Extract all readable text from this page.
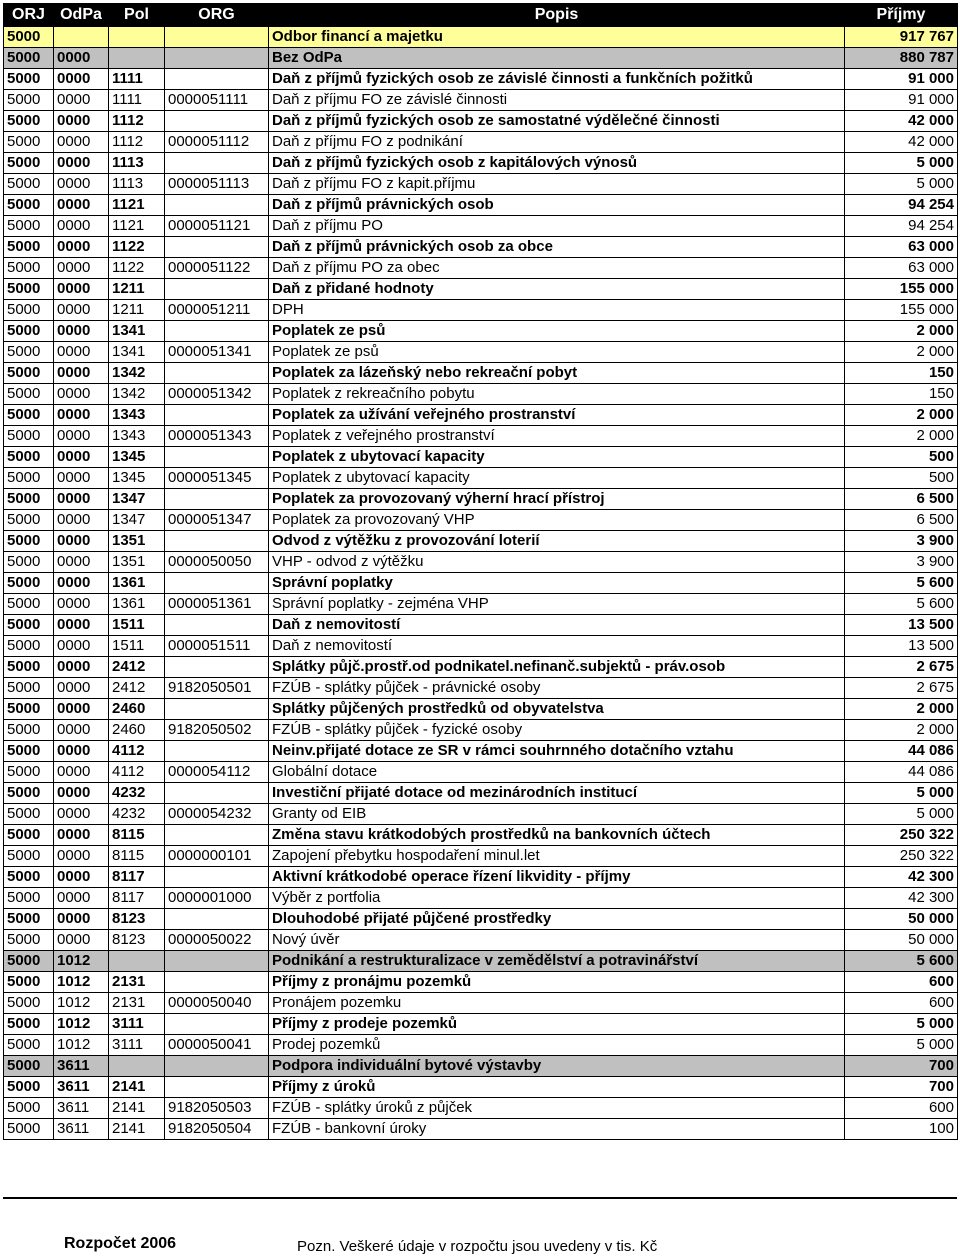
ORJ	OdPa	Pol	ORG	Popis	Příjmy
5000				Odbor financí a majetku	917 767
5000	0000			Bez OdPa	880 787
5000	0000	1111		Daň z příjmů fyzických osob ze závislé činnosti a funkčních požitků	91 000
5000	0000	1111	0000051111	Daň z příjmu FO ze závislé činnosti	91 000
5000	0000	1112		Daň z příjmů fyzických osob ze samostatné výdělečné činnosti	42 000
5000	0000	1112	0000051112	Daň z příjmu FO z podnikání	42 000
5000	0000	1113		Daň z příjmů fyzických osob z kapitálových výnosů	5 000
5000	0000	1113	0000051113	Daň z příjmu FO z kapit.příjmu	5 000
5000	0000	1121		Daň z příjmů právnických osob	94 254
5000	0000	1121	0000051121	Daň z příjmu PO	94 254
5000	0000	1122		Daň z příjmů právnických osob za obce	63 000
5000	0000	1122	0000051122	Daň z příjmu PO za obec	63 000
5000	0000	1211		Daň z přidané hodnoty	155 000
5000	0000	1211	0000051211	DPH	155 000
5000	0000	1341		Poplatek ze psů	2 000
5000	0000	1341	0000051341	Poplatek ze psů	2 000
5000	0000	1342		Poplatek za lázeňský nebo rekreační pobyt	150
5000	0000	1342	0000051342	Poplatek z rekreačního pobytu	150
5000	0000	1343		Poplatek za užívání veřejného prostranství	2 000
5000	0000	1343	0000051343	Poplatek z veřejného prostranství	2 000
5000	0000	1345		Poplatek z ubytovací kapacity	500
5000	0000	1345	0000051345	Poplatek z ubytovací kapacity	500
5000	0000	1347		Poplatek za provozovaný výherní hrací přístroj	6 500
5000	0000	1347	0000051347	Poplatek za provozovaný VHP	6 500
5000	0000	1351		Odvod z výtěžku z provozování loterií	3 900
5000	0000	1351	0000050050	VHP - odvod z výtěžku	3 900
5000	0000	1361		Správní poplatky	5 600
5000	0000	1361	0000051361	Správní poplatky - zejména VHP	5 600
5000	0000	1511		Daň z nemovitostí	13 500
5000	0000	1511	0000051511	Daň z nemovitostí	13 500
5000	0000	2412		Splátky půjč.prostř.od podnikatel.nefinanč.subjektů - práv.osob	2 675
5000	0000	2412	9182050501	FZÚB - splátky půjček - právnické osoby	2 675
5000	0000	2460		Splátky půjčených prostředků od obyvatelstva	2 000
5000	0000	2460	9182050502	FZÚB - splátky půjček - fyzické osoby	2 000
5000	0000	4112		Neinv.přijaté dotace ze SR v rámci souhrnného dotačního vztahu	44 086
5000	0000	4112	0000054112	Globální dotace	44 086
5000	0000	4232		Investiční přijaté dotace od mezinárodních institucí	5 000
5000	0000	4232	0000054232	Granty od EIB	5 000
5000	0000	8115		Změna stavu krátkodobých prostředků na bankovních účtech	250 322
5000	0000	8115	0000000101	Zapojení přebytku hospodaření minul.let	250 322
5000	0000	8117		Aktivní krátkodobé operace řízení likvidity - příjmy	42 300
5000	0000	8117	0000001000	Výběr z portfolia	42 300
5000	0000	8123		Dlouhodobé přijaté půjčené prostředky	50 000
5000	0000	8123	0000050022	Nový úvěr	50 000
5000	1012			Podnikání a restrukturalizace v zemědělství a potravinářství	5 600
5000	1012	2131		Příjmy z pronájmu pozemků	600
5000	1012	2131	0000050040	Pronájem pozemku	600
5000	1012	3111		Příjmy z prodeje pozemků	5 000
5000	1012	3111	0000050041	Prodej pozemků	5 000
5000	3611			Podpora individuální bytové výstavby	700
5000	3611	2141		Příjmy z úroků	700
5000	3611	2141	9182050503	FZÚB - splátky úroků z půjček	600
5000	3611	2141	9182050504	FZÚB - bankovní úroky	100
Rozpočet 2006	Pozn. Veškeré údaje v rozpočtu jsou uvedeny v tis. Kč
